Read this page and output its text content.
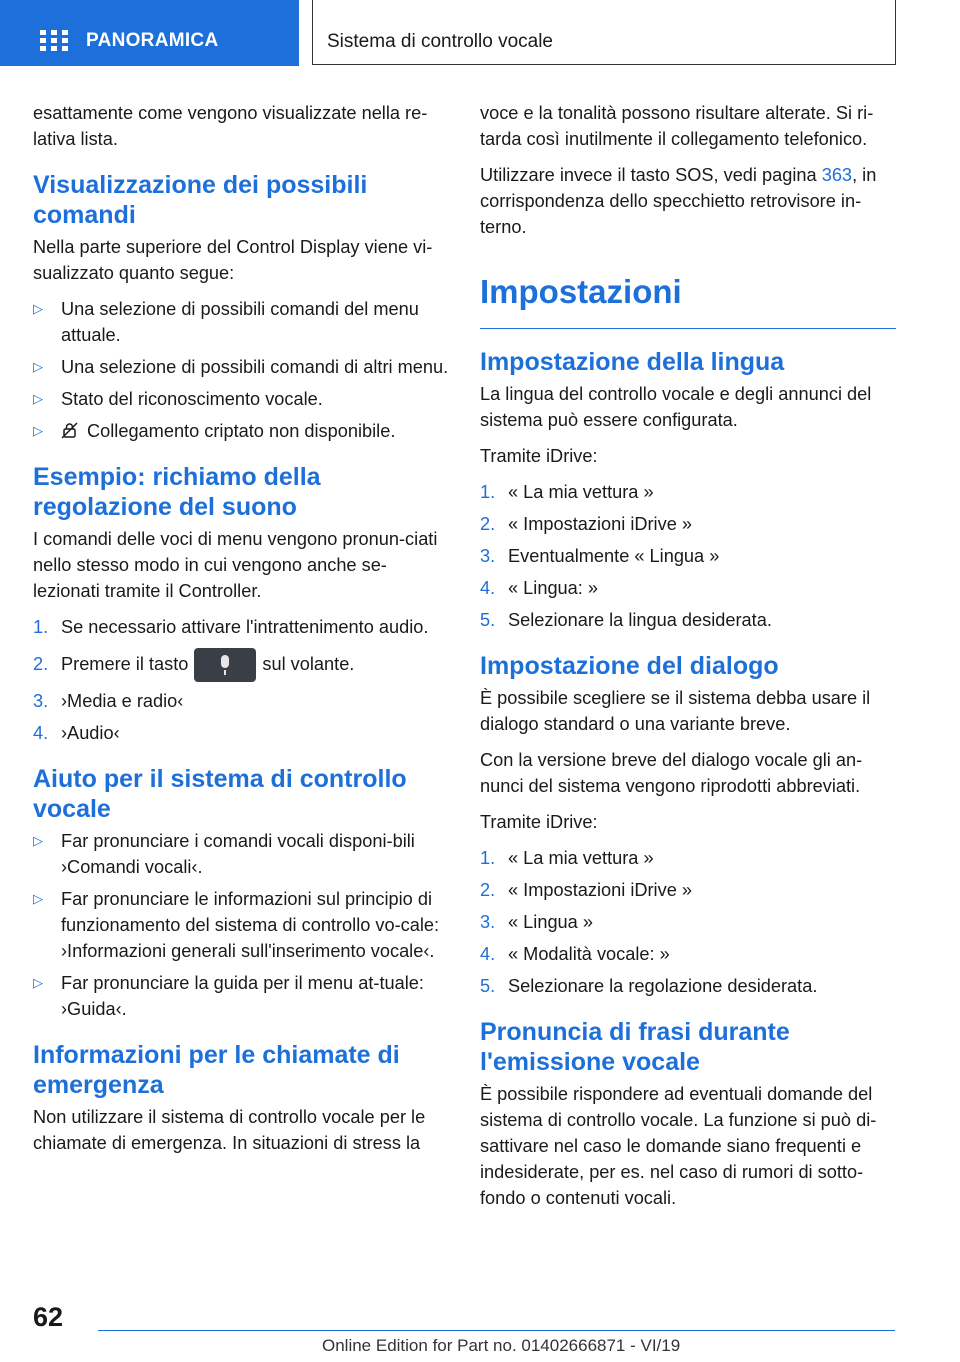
PANORAMICA	Sistema di controllo vocale

esattamente come vengono visualizzate nella re-lativa lista.

Visualizzazione dei possibili comandi

Nella parte superiore del Control Display viene vi-sualizzato quanto segue:

▷ Una selezione di possibili comandi del menu attuale.
▷ Una selezione di possibili comandi di altri menu.
▷ Stato del riconoscimento vocale.
▷ Collegamento criptato non disponibile.
Esempio: richiamo della regolazione del suono

I comandi delle voci di menu vengono pronun-ciati nello stesso modo in cui vengono anche se-lezionati tramite il Controller.

1. Se necessario attivare l'intrattenimento audio.
2. Premere il tasto	sul volante.
3. ›Media e radio‹
4. ›Audio‹
Aiuto per il sistema di controllo vocale
▷ Far pronunciare i comandi vocali disponi-bili ›Comandi vocali‹.
▷ Far pronunciare le informazioni sul principio di funzionamento del sistema di controllo vo-cale: ›Informazioni generali sull'inserimento vocale‹.
▷ Far pronunciare la guida per il menu at-tuale: ›Guida‹.
Informazioni per le chiamate di emergenza

Non utilizzare il sistema di controllo vocale per le chiamate di emergenza. In situazioni di stress la

voce e la tonalità possono risultare alterate. Si ri-tarda così inutilmente il collegamento telefonico.

Utilizzare invece il tasto SOS, vedi pagina 363, in corrispondenza dello specchietto retrovisore in-terno.

Impostazioni
Impostazione della lingua

La lingua del controllo vocale e degli annunci del sistema può essere configurata.

Tramite iDrive:

1. « La mia vettura »
2. « Impostazioni iDrive »
3. Eventualmente « Lingua »
4. « Lingua: »
5. Selezionare la lingua desiderata.
Impostazione del dialogo

È possibile scegliere se il sistema debba usare il dialogo standard o una variante breve.

Con la versione breve del dialogo vocale gli an-nunci del sistema vengono riprodotti abbreviati.

Tramite iDrive:

1. « La mia vettura »
2. « Impostazioni iDrive »
3. « Lingua »
4. « Modalità vocale: »
5. Selezionare la regolazione desiderata.
Pronuncia di frasi durante l'emissione vocale

È possibile rispondere ad eventuali domande del sistema di controllo vocale. La funzione si può di-sattivare nel caso le domande siano frequenti e indesiderate, per es. nel caso di rumori di sotto-fondo o contenuti vocali.

62
Online Edition for Part no. 01402666871 - VI/19
